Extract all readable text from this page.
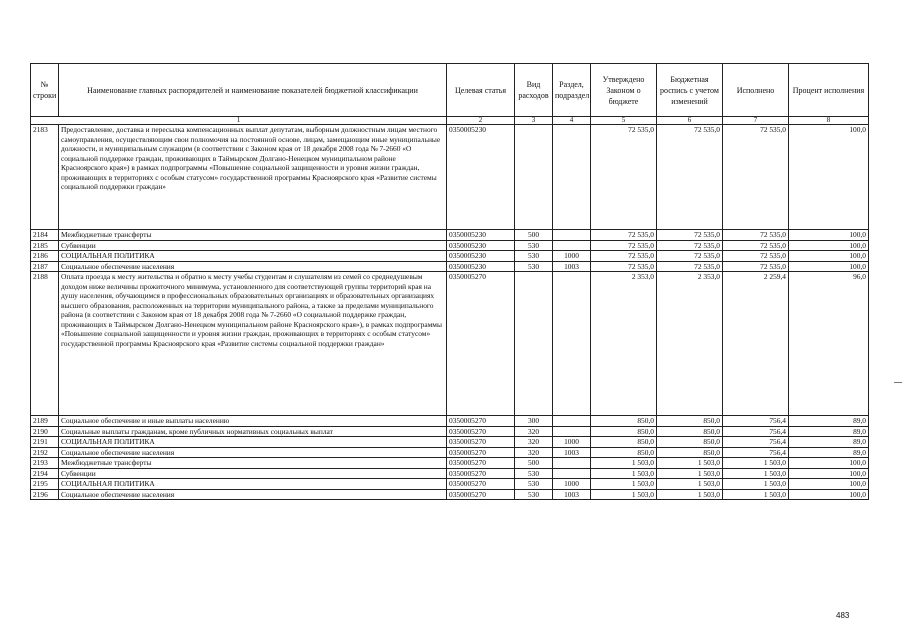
№ строки	Наименование главных распорядителей и наименование показателей бюджетной классификации	Целевая статья	Вид расходов	Раздел, подраздел	Утверждено Законом о бюджете	Бюджетная роспись с учетом изменений	Исполнено	Процент исполнения
1		2	3	4	5	6	7	8
2183	Предоставление, доставка и пересылка компенсационных выплат депутатам, выборным должностным лицам местного самоуправления, осуществляющим свои полномочия на постоянной основе, лицам, замещающим иные муниципальные должности, и муниципальным служащим (в соответствии с Законом края от 18 декабря 2008 года № 7-2660 «О социальной поддержке граждан, проживающих в Таймырском Долгано-Ненецком муниципальном районе Красноярского края») в рамках подпрограммы «Повышение социальной защищенности и уровня жизни граждан, проживающих в территориях с особым статусом» государственной программы Красноярского края «Развитие системы социальной поддержки граждан»	0350005230			72 535,0	72 535,0	72 535,0	100,0
2184	Межбюджетные трансферты	0350005230	500		72 535,0	72 535,0	72 535,0	100,0
2185	Субвенции	0350005230	530		72 535,0	72 535,0	72 535,0	100,0
2186	СОЦИАЛЬНАЯ ПОЛИТИКА	0350005230	530	1000	72 535,0	72 535,0	72 535,0	100,0
2187	Социальное обеспечение населения	0350005230	530	1003	72 535,0	72 535,0	72 535,0	100,0
2188	Оплата проезда к месту жительства и обратно к месту учебы студентам и слушателям из семей со среднедушевым доходом ниже величины прожиточного минимума, установленного для соответствующей группы территорий края на душу населения, обучающимся в профессиональных образовательных организациях и образовательных организациях высшего образования, расположенных на территории муниципального района, а также за пределами муниципального района (в соответствии с Законом края от 18 декабря 2008 года № 7-2660 «О социальной поддержке граждан, проживающих в Таймырском Долгано-Ненецком муниципальном районе Красноярского края»), в рамках подпрограммы «Повышение социальной защищенности и уровня жизни граждан, проживающих в территориях с особым статусом» государственной программы Красноярского края «Развитие системы социальной поддержки граждан»	0350005270			2 353,0	2 353,0	2 259,4	96,0
2189	Социальное обеспечение и иные выплаты населению	0350005270	300		850,0	850,0	756,4	89,0
2190	Социальные выплаты гражданам, кроме публичных нормативных социальных выплат	0350005270	320		850,0	850,0	756,4	89,0
2191	СОЦИАЛЬНАЯ ПОЛИТИКА	0350005270	320	1000	850,0	850,0	756,4	89,0
2192	Социальное обеспечение населения	0350005270	320	1003	850,0	850,0	756,4	89,0
2193	Межбюджетные трансферты	0350005270	500		1 503,0	1 503,0	1 503,0	100,0
2194	Субвенции	0350005270	530		1 503,0	1 503,0	1 503,0	100,0
2195	СОЦИАЛЬНАЯ ПОЛИТИКА	0350005270	530	1000	1 503,0	1 503,0	1 503,0	100,0
2196	Социальное обеспечение населения	0350005270	530	1003	1 503,0	1 503,0	1 503,0	100,0
483
